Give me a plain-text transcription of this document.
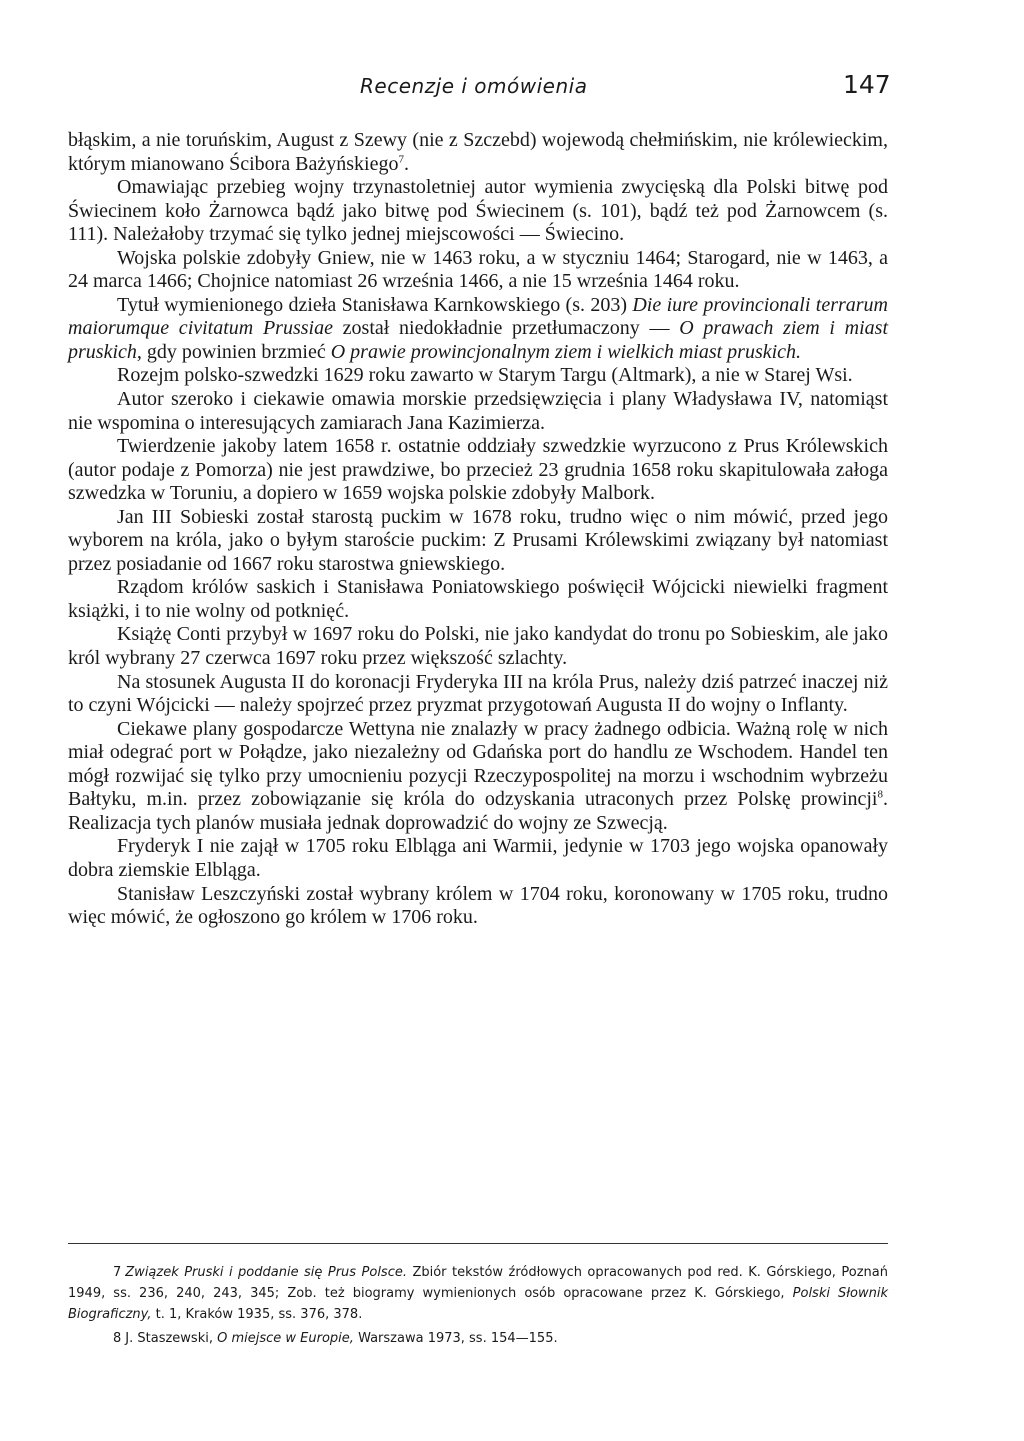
Recenzje i omówienia	147

błąskim, a nie toruńskim, August z Szewy (nie z Szczebd) wojewodą chełmińskim, nie królewieckim, którym mianowano Ścibora Bażyńskiego$^7$.

Omawiając przebieg wojny trzynastoletniej autor wymienia zwycięską dla Polski bitwę pod Świecinem koło Żarnowca bądź jako bitwę pod Świecinem (s. 101), bądź też pod Żarnowcem (s. 111). Należałoby trzymać się tylko jednej miejscowości — Świecino.

Wojska polskie zdobyły Gniew, nie w 1463 roku, a w styczniu 1464; Starogard, nie w 1463, a 24 marca 1466; Chojnice natomiast 26 września 1466, a nie 15 września 1464 roku.

Tytuł wymienionego dzieła Stanisława Karnkowskiego (s. 203) Die iure provincionali terrarum maiorumque civitatum Prussiae został niedokładnie przetłumaczony — O prawach ziem i miast pruskich, gdy powinien brzmieć O prawie prowincjonalnym ziem i wielkich miast pruskich.

Rozejm polsko-szwedzki 1629 roku zawarto w Starym Targu (Altmark), a nie w Starej Wsi.

Autor szeroko i ciekawie omawia morskie przedsięwzięcia i plany Władysława IV, natomiąst nie wspomina o interesujących zamiarach Jana Kazimierza.

Twierdzenie jakoby latem 1658 r. ostatnie oddziały szwedzkie wyrzucono z Prus Królewskich (autor podaje z Pomorza) nie jest prawdziwe, bo przecież 23 grudnia 1658 roku skapitulowała załoga szwedzka w Toruniu, a dopiero w 1659 wojska polskie zdobyły Malbork.

Jan III Sobieski został starostą puckim w 1678 roku, trudno więc o nim mówić, przed jego wyborem na króla, jako o byłym staroście puckim: Z Prusami Królewskimi związany był natomiast przez posiadanie od 1667 roku starostwa gniewskiego.

Rządom królów saskich i Stanisława Poniatowskiego poświęcił Wójcicki niewielki fragment książki, i to nie wolny od potknięć.

Książę Conti przybył w 1697 roku do Polski, nie jako kandydat do tronu po Sobieskim, ale jako król wybrany 27 czerwca 1697 roku przez większość szlachty.

Na stosunek Augusta II do koronacji Fryderyka III na króla Prus, należy dziś patrzeć inaczej niż to czyni Wójcicki — należy spojrzeć przez pryzmat przygotowań Augusta II do wojny o Inflanty.

Ciekawe plany gospodarcze Wettyna nie znalazły w pracy żadnego odbicia. Ważną rolę w nich miał odegrać port w Połądze, jako niezależny od Gdańska port do handlu ze Wschodem. Handel ten mógł rozwijać się tylko przy umocnieniu pozycji Rzeczypospolitej na morzu i wschodnim wybrzeżu Bałtyku, m.in. przez zobowiązanie się króla do odzyskania utraconych przez Polskę prowincji$^8$. Realizacja tych planów musiała jednak doprowadzić do wojny ze Szwecją.

Fryderyk I nie zajął w 1705 roku Elbląga ani Warmii, jedynie w 1703 jego wojska opanowały dobra ziemskie Elbląga.

Stanisław Leszczyński został wybrany królem w 1704 roku, koronowany w 1705 roku, trudno więc mówić, że ogłoszono go królem w 1706 roku.

7 Związek Pruski i poddanie się Prus Polsce. Zbiór tekstów źródłowych opracowanych pod red. K. Górskiego, Poznań 1949, ss. 236, 240, 243, 345; Zob. też biogramy wymienionych osób opracowane przez K. Górskiego, Polski Słownik Biograficzny, t. 1, Kraków 1935, ss. 376, 378.

8 J. Staszewski, O miejsce w Europie, Warszawa 1973, ss. 154—155.
